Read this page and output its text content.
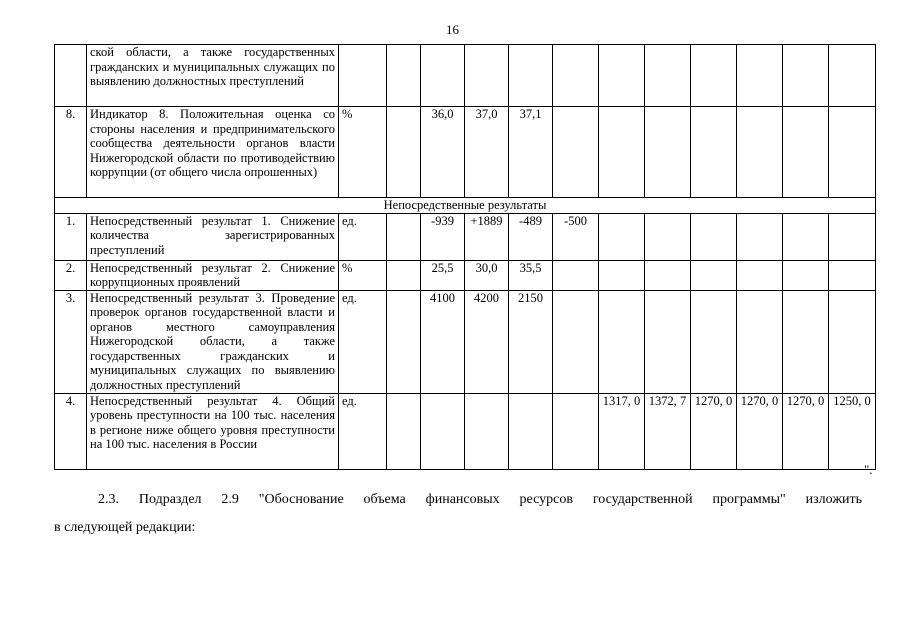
16
	ской области, а также государственных гражданских и муниципальных служащих по выявлению должностных преступлений												
8.	Индикатор 8. Положительная оценка со стороны населения и предпринимательского сообщества деятельности органов власти Нижегородской области по противодействию коррупции (от общего числа опрошенных)	%		36,0	37,0	37,1							
Непосредственные результаты													
1.	Непосредственный результат 1. Снижение количества зарегистрированных преступлений	ед.		-939	+1889	-489	-500						
2.	Непосредственный результат 2. Снижение коррупционных проявлений	%		25,5	30,0	35,5							
3.	Непосредственный результат 3. Проведение проверок органов государственной власти и органов местного самоуправления Нижегородской области, а также государственных гражданских и муниципальных служащих по выявлению должностных преступлений	ед.		4100	4200	2150							
4.	Непосредственный результат 4. Общий уровень преступности на 100 тыс. населения в регионе ниже общего уровня преступности на 100 тыс. населения в России	ед.						1317, 0	1372, 7	1270, 0	1270, 0	1270, 0	1250, 0
".
2.3. Подраздел 2.9 "Обоснование объема финансовых ресурсов государственной программы" изложить
в следующей редакции:
